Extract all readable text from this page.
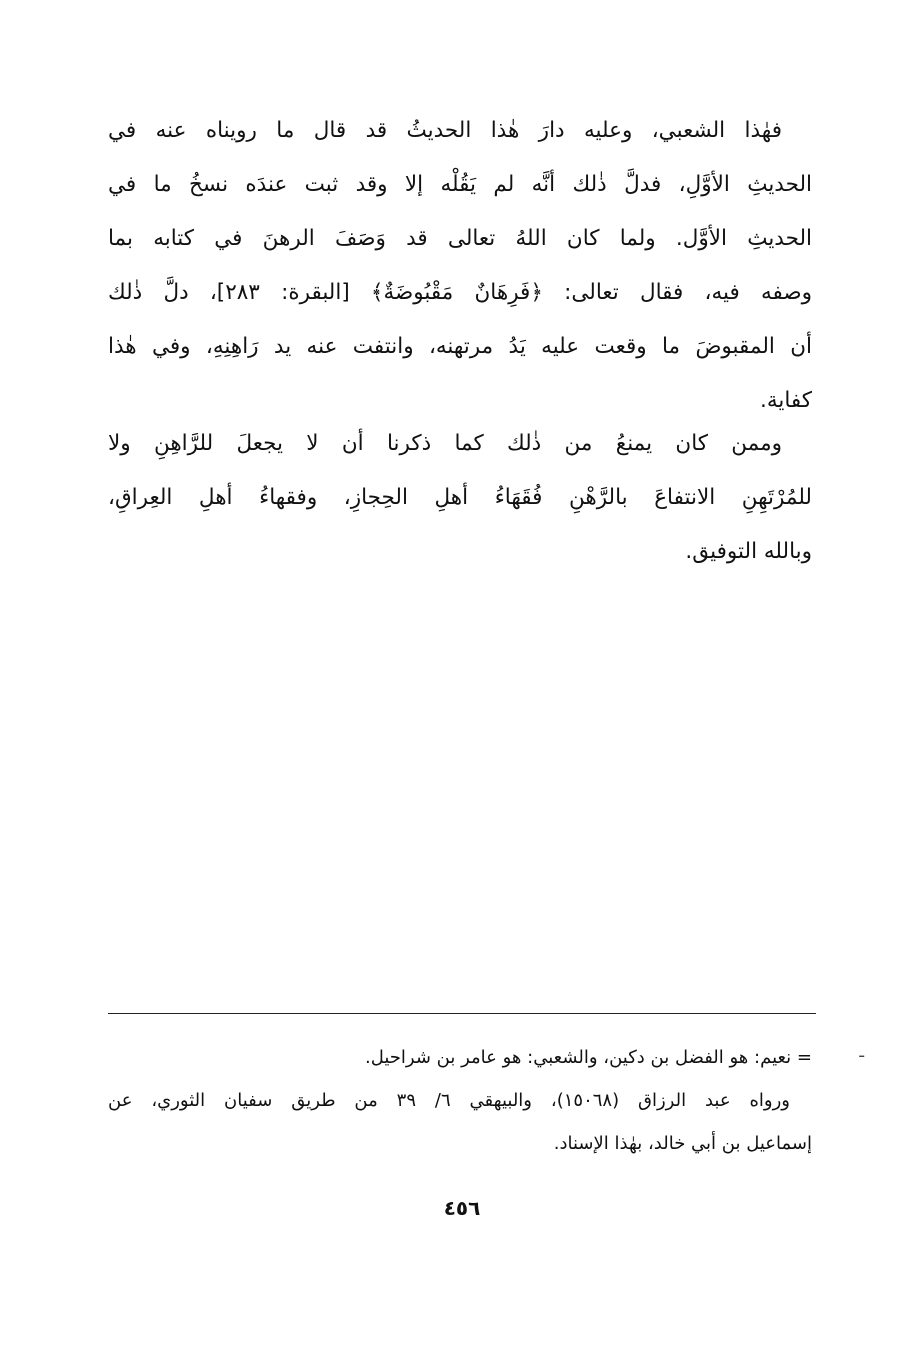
فهٰذا الشعبي، وعليه دارَ هٰذا الحديثُ قد قال ما رويناه عنه في
الحديثِ الأوَّلِ، فدلَّ ذٰلك أنَّه لم يَقُلْه إلا وقد ثبت عندَه نسخُ ما في
الحديثِ الأوَّل. ولما كان اللهُ تعالى قد وَصَفَ الرهنَ في كتابه بما
وصفه فيه، فقال تعالى: ﴿فَرِهَانٌ مَقْبُوضَةٌ﴾ [البقرة: ٢٨٣]، دلَّ ذٰلك
أن المقبوضَ ما وقعت عليه يَدُ مرتهنه، وانتفت عنه يد رَاهِنِهِ، وفي هٰذا
كفاية.
وممن كان يمنعُ من ذٰلك كما ذكرنا أن لا يجعلَ للرَّاهِنِ ولا
للمُرْتَهِنِ الانتفاعَ بالرَّهْنِ فُقَهَاءُ أهلِ الحِجازِ، وفقهاءُ أهلِ العِراقِ،
وبالله التوفيق.
ـ
= نعيم: هو الفضل بن دكين، والشعبي: هو عامر بن شراحيل.
ورواه عبد الرزاق (١٥٠٦٨)، والبيهقي ٦/ ٣٩ من طريق سفيان الثوري، عن
إسماعيل بن أبي خالد، بهٰذا الإسناد.
٤٥٦
